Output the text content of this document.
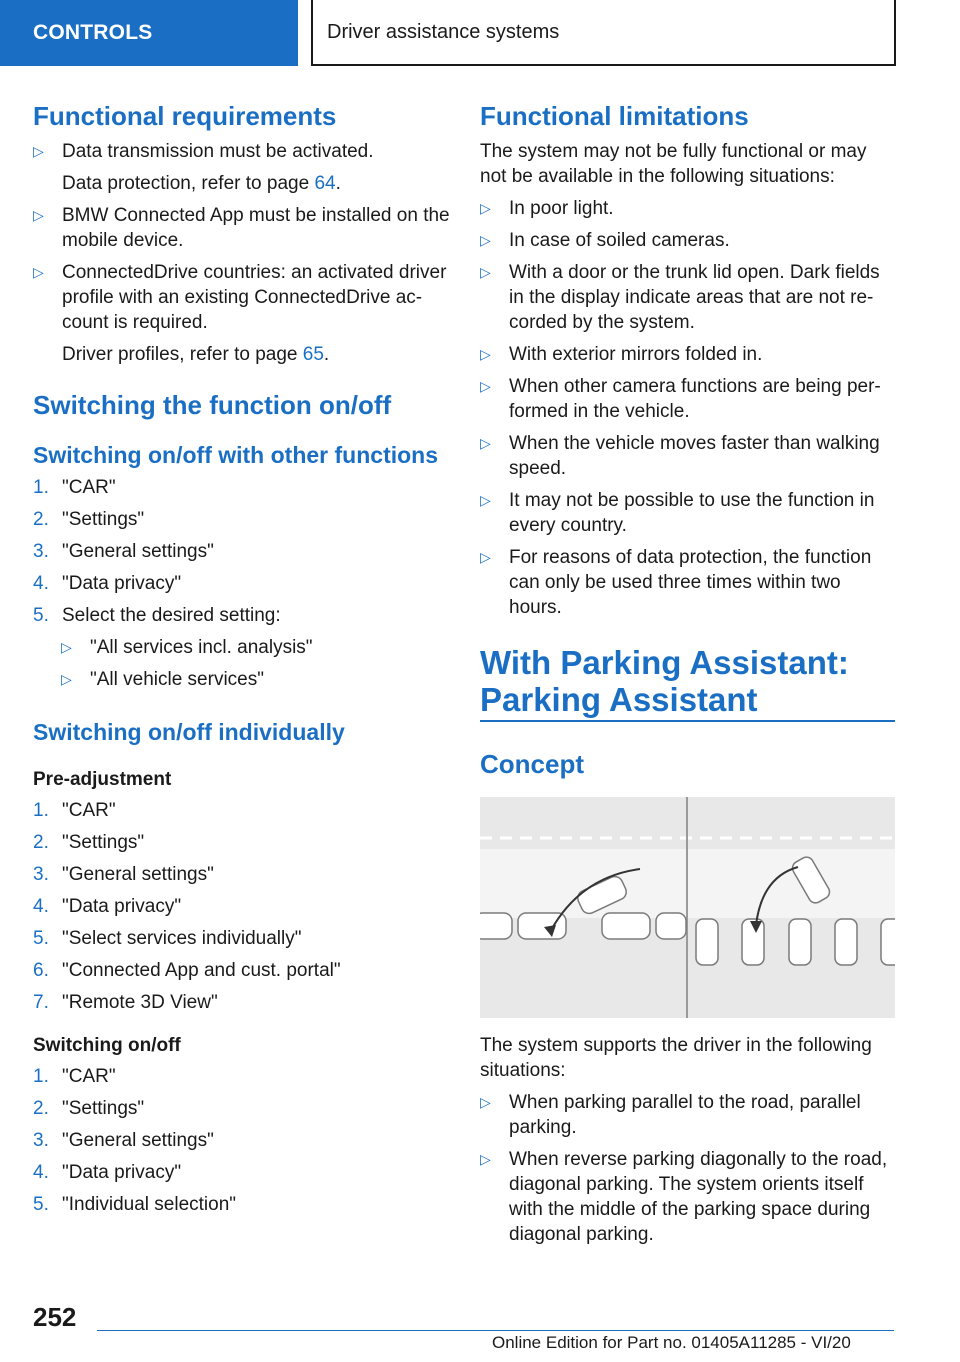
CONTROLS	Driver assistance systems
Functional requirements
▷ Data transmission must be activated.
Data protection, refer to page 64.
▷ BMW Connected App must be installed on the mobile device.
▷ ConnectedDrive countries: an activated driver profile with an existing ConnectedDrive ac-count is required.
Driver profiles, refer to page 65.
Switching the function on/off
Switching on/off with other functions
1. "CAR"
2. "Settings"
3. "General settings"
4. "Data privacy"
5. Select the desired setting:
▷ "All services incl. analysis"
▷ "All vehicle services"
Switching on/off individually
Pre-adjustment
1. "CAR"
2. "Settings"
3. "General settings"
4. "Data privacy"
5. "Select services individually"
6. "Connected App and cust. portal"
7. "Remote 3D View"
Switching on/off
1. "CAR"
2. "Settings"
3. "General settings"
4. "Data privacy"
5. "Individual selection"
Functional limitations

The system may not be fully functional or may not be available in the following situations:

▷ In poor light.
▷ In case of soiled cameras.
▷ With a door or the trunk lid open. Dark fields in the display indicate areas that are not re-corded by the system.
▷ With exterior mirrors folded in.
▷ When other camera functions are being per-formed in the vehicle.
▷ When the vehicle moves faster than walking speed.
▷ It may not be possible to use the function in every country.
▷ For reasons of data protection, the function can only be used three times within two hours.
With Parking Assistant: Parking Assistant
Concept

The system supports the driver in the following situations:

▷ When parking parallel to the road, parallel parking.
▷ When reverse parking diagonally to the road, diagonal parking. The system orients itself with the middle of the parking space during diagonal parking.
252
Online Edition for Part no. 01405A11285 - VI/20
